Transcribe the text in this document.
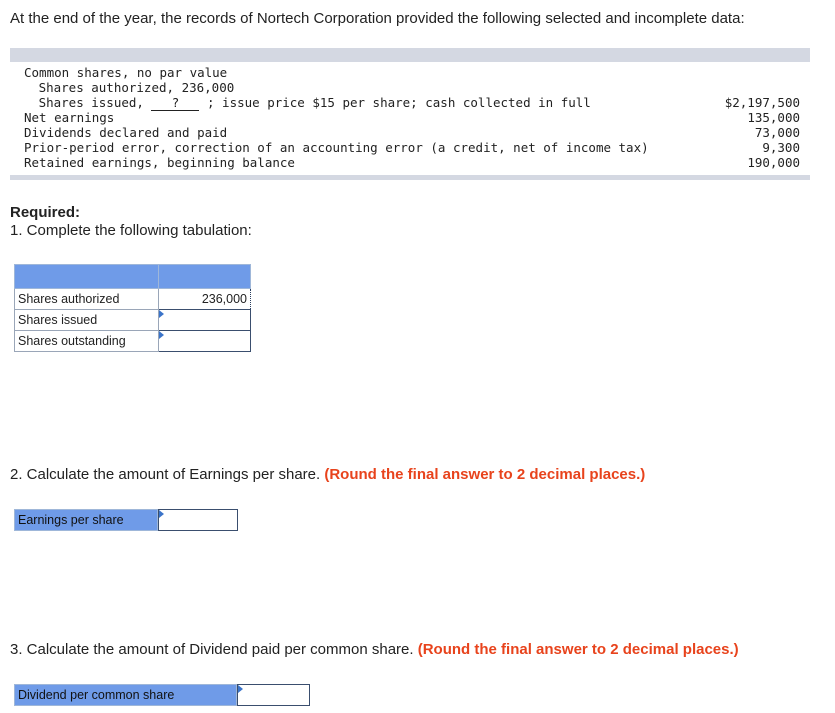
At the end of the year, the records of Nortech Corporation provided the following selected and incomplete data:
Common shares, no par value
Shares authorized, 236,000
Shares issued, ? ; issue price $15 per share; cash collected in full	$2,197,500
Net earnings	135,000
Dividends declared and paid	73,000
Prior-period error, correction of an accounting error (a credit, net of income tax)	9,300
Retained earnings, beginning balance	190,000
Required:
1. Complete the following tabulation:

Shares authorized	236,000
Shares issued	

Shares outstanding	
2. Calculate the amount of Earnings per share. (Round the final answer to 2 decimal places.)
Earnings per share
3. Calculate the amount of Dividend paid per common share. (Round the final answer to 2 decimal places.)
Dividend per common share
